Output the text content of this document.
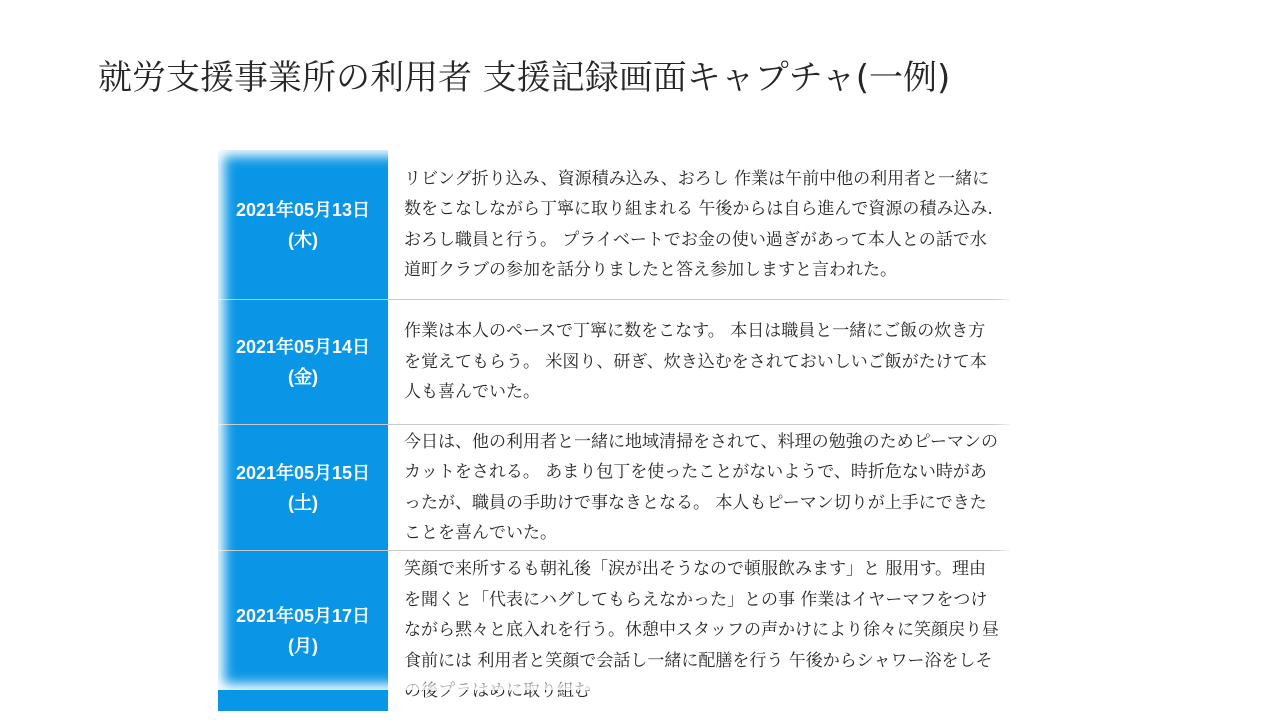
就労支援事業所の利用者 支援記録画面キャプチャ(一例)
2021年05月13日
(木)
リビング折り込み、資源積み込み、おろし 作業は午前中他の利用者と一緒に数をこなしながら丁寧に取り組まれる 午後からは自ら進んで資源の積み込み.おろし職員と行う。 プライベートでお金の使い過ぎがあって本人との話で水道町クラブの参加を話分りましたと答え参加しますと言われた。
2021年05月14日
(金)
作業は本人のペースで丁寧に数をこなす。 本日は職員と一緒にご飯の炊き方を覚えてもらう。 米図り、研ぎ、炊き込むをされておいしいご飯がたけて本人も喜んでいた。
2021年05月15日
(土)
今日は、他の利用者と一緒に地域清掃をされて、料理の勉強のためピーマンのカットをされる。 あまり包丁を使ったことがないようで、時折危ない時があったが、職員の手助けで事なきとなる。 本人もピーマン切りが上手にできたことを喜んでいた。
2021年05月17日
(月)
笑顔で来所するも朝礼後「涙が出そうなので頓服飲みます」と 服用す。理由を聞くと「代表にハグしてもらえなかった」との事 作業はイヤーマフをつけながら黙々と底入れを行う。休憩中スタッフの声かけにより徐々に笑顔戻り昼食前には 利用者と笑顔で会話し一緒に配膳を行う 午後からシャワー浴をしその後プラはめに取り組む
